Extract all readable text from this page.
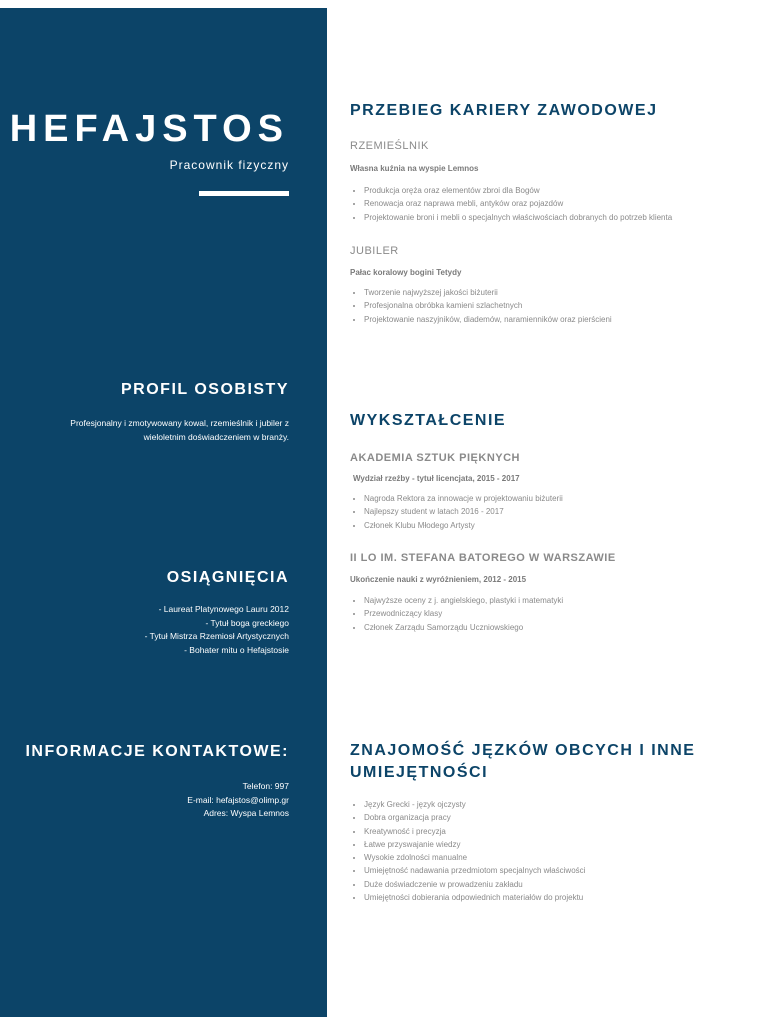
HEFAJSTOS
Pracownik fizyczny
PROFIL OSOBISTY
Profesjonalny i zmotywowany kowal, rzemieślnik i jubiler z
wieloletnim doświadczeniem w branży.
OSIĄGNIĘCIA
- Laureat Platynowego Lauru 2012
- Tytuł boga greckiego
- Tytuł Mistrza Rzemiosł Artystycznych
- Bohater mitu o Hefajstosie
INFORMACJE KONTAKTOWE:
Telefon: 997
E-mail: hefajstos@olimp.gr
Adres: Wyspa Lemnos
PRZEBIEG KARIERY ZAWODOWEJ
RZEMIEŚLNIK
Własna kuźnia na wyspie Lemnos
• Produkcja oręża oraz elementów zbroi dla Bogów
• Renowacja oraz naprawa mebli, antyków oraz pojazdów
• Projektowanie broni i mebli o specjalnych właściwościach dobranych do potrzeb klienta
JUBILER
Pałac koralowy bogini Tetydy
• Tworzenie najwyższej jakości biżuterii
• Profesjonalna obróbka kamieni szlachetnych
• Projektowanie naszyjników, diademów, naramienników oraz pierścieni
WYKSZTAŁCENIE
AKADEMIA SZTUK PIĘKNYCH
Wydział rzeźby - tytuł licencjata, 2015 - 2017
• Nagroda Rektora za innowacje w projektowaniu biżuterii
• Najlepszy student w latach 2016 - 2017
• Członek Klubu Młodego Artysty
II LO IM. STEFANA BATOREGO W WARSZAWIE
Ukończenie nauki z wyróżnieniem, 2012 - 2015
• Najwyższe oceny z j. angielskiego, plastyki i matematyki
• Przewodniczący klasy
• Członek Zarządu Samorządu Uczniowskiego
ZNAJOMOŚĆ JĘZKÓW OBCYCH I INNE
UMIEJĘTNOŚCI
• Język Grecki - język ojczysty
• Dobra organizacja pracy
• Kreatywność i precyzja
• Łatwe przyswajanie wiedzy
• Wysokie zdolności manualne
• Umiejętność nadawania przedmiotom specjalnych właściwości
• Duże doświadczenie w prowadzeniu zakładu
• Umiejętności dobierania odpowiednich materiałów do projektu
